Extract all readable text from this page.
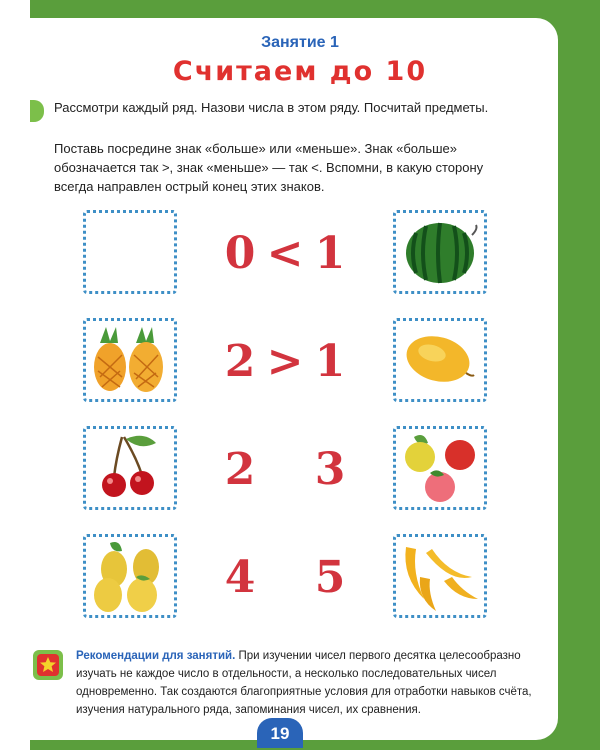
Занятие 1
Считаем до 10
Рассмотри каждый ряд. Назови числа в этом ряду. Посчитай предметы.
Поставь посредине знак «больше» или «меньше». Знак «больше» обозначается так >, знак «меньше» — так <. Вспомни, в какую сторону всегда направлен острый конец этих знаков.
0 < 1
2 > 1
2 3
4 5
Рекомендации для занятий. При изучении чисел первого десятка целесообразно изучать не каждое число в отдельности, а несколько последовательных чисел одновременно. Так создаются благоприятные условия для отработки навыков счёта, изучения натурального ряда, запоминания чисел, их сравнения.
19
